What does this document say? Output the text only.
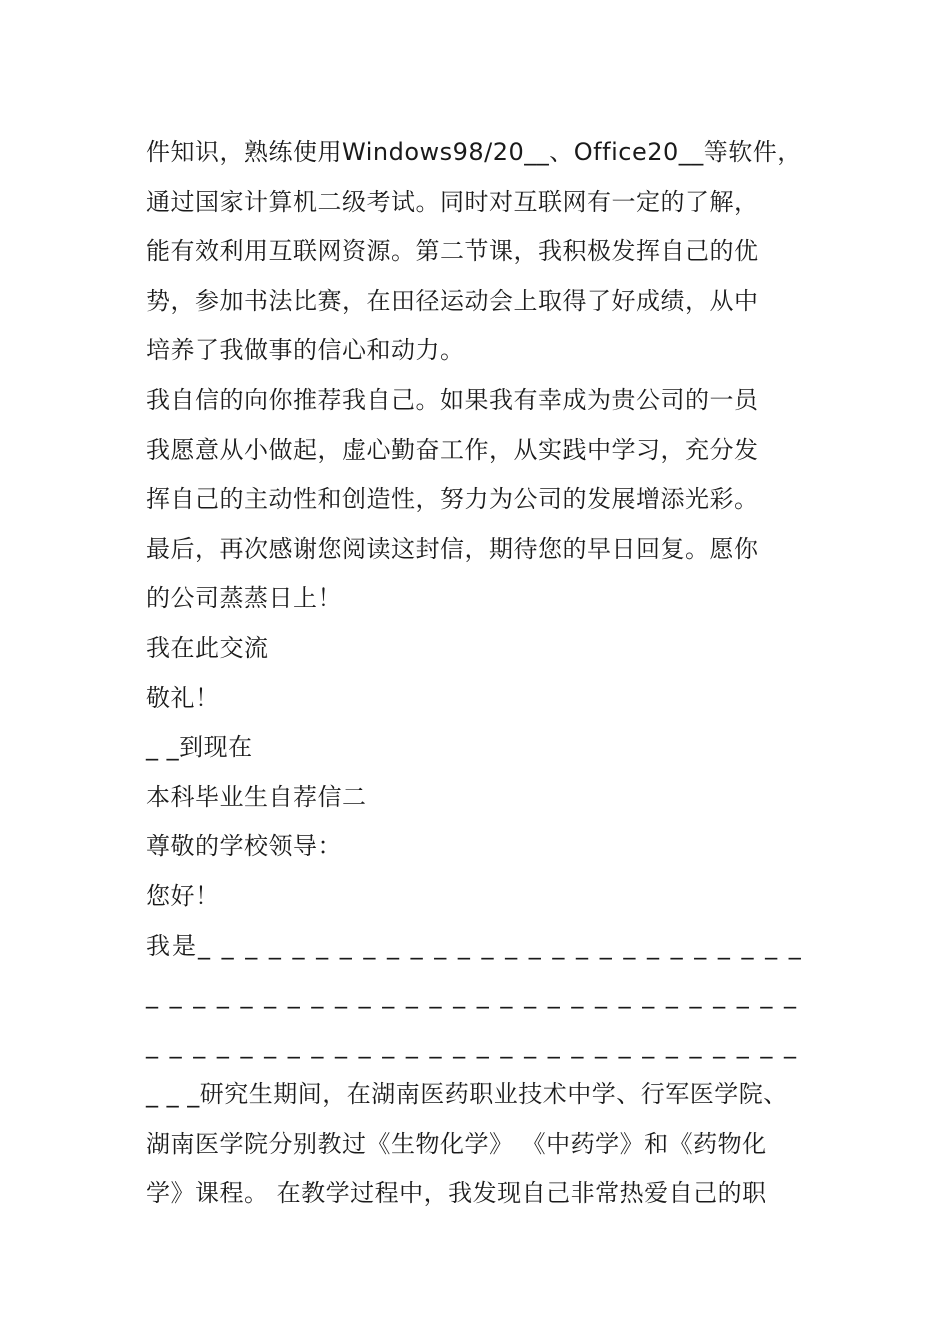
件知识，熟练使用Windows98/20__、Office20__等软件，
通过国家计算机二级考试。同时对互联网有一定的了解，
能有效利用互联网资源。第二节课，我积极发挥自己的优
势，参加书法比赛，在田径运动会上取得了好成绩，从中
培养了我做事的信心和动力。
我自信的向你推荐我自己。如果我有幸成为贵公司的一员
我愿意从小做起，虚心勤奋工作，从实践中学习，充分发
挥自己的主动性和创造性，努力为公司的发展增添光彩。
最后，再次感谢您阅读这封信，期待您的早日回复。愿你
的公司蒸蒸日上！
我在此交流
敬礼！
_ _到现在
本科毕业生自荐信二
尊敬的学校领导：
您好！
我是_ _ _ _ _ _ _ _ _ _ _ _ _ _ _ _ _ _ _ _ _ _ _ _ _ _
_ _ _ _ _ _ _ _ _ _ _ _ _ _ _ _ _ _ _ _ _ _ _ _ _ _ _ _
_ _ _ _ _ _ _ _ _ _ _ _ _ _ _ _ _ _ _ _ _ _ _ _ _ _ _ _
_ _ _研究生期间，在湖南医药职业技术中学、行军医学院、
湖南医学院分别教过《生物化学》 《中药学》和《药物化
学》课程。 在教学过程中，我发现自己非常热爱自己的职
